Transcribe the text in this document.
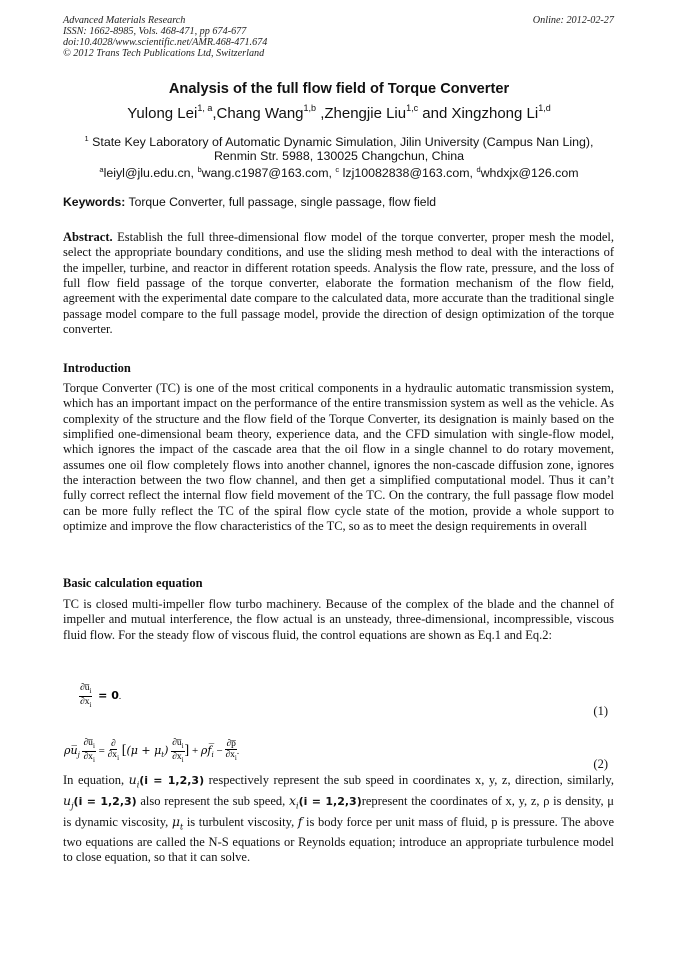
Advanced Materials Research
ISSN: 1662-8985, Vols. 468-471, pp 674-677
doi:10.4028/www.scientific.net/AMR.468-471.674
© 2012 Trans Tech Publications Ltd, Switzerland
Online: 2012-02-27
Analysis of the full flow field of Torque Converter
Yulong Lei$^{1, a}$,Chang Wang$^{1,b}$ ,Zhengjie Liu$^{1,c}$ and Xingzhong Li$^{1,d}$
$^1$ State Key Laboratory of Automatic Dynamic Simulation, Jilin University (Campus Nan Ling),
Renmin Str. 5988, 130025 Changchun, China
$^a$leiyl@jlu.edu.cn, $^b$wang.c1987@163.com, $^c$ lzj10082838@163.com, $^d$whdxjx@126.com
Keywords: Torque Converter, full passage, single passage, flow field
Abstract. Establish the full three-dimensional flow model of the torque converter, proper mesh the model, select the appropriate boundary conditions, and use the sliding mesh method to deal with the interactions of the impeller, turbine, and reactor in different rotation speeds. Analysis the flow rate, pressure, and the loss of full flow field passage of the torque converter, elaborate the formation mechanism of the flow field, agreement with the experimental date compare to the calculated data, more accurate than the traditional single passage model compare to the full passage model, provide the direction of design optimization of the torque converter.
Introduction
Torque Converter (TC) is one of the most critical components in a hydraulic automatic transmission system, which has an important impact on the performance of the entire transmission system as well as the vehicle. As complexity of the structure and the flow field of the Torque Converter, its designation is mainly based on the simplified one-dimensional beam theory, experience data, and the CFD simulation with single-flow model, which ignores the impact of the cascade area that the oil flow in a single channel to do rotary movement, assumes one oil flow completely flows into another channel, ignores the non-cascade diffusion zone, ignores the interaction between the two flow channel, and then get a simplified computational model. Thus it can’t fully correct reflect the internal flow field movement of the TC. On the contrary, the full passage flow model can be more fully reflect the TC of the spiral flow cycle state of the motion, provide a whole support to optimize and improve the flow characteristics of the TC, so as to meet the design requirements in overall
Basic calculation equation
TC is closed multi-impeller flow turbo machinery. Because of the complex of the blade and the channel of impeller and mutual interference, the flow actual is an unsteady, three-dimensional, incompressible, viscous fluid flow. For the steady flow of viscous fluid, the control equations are shown as Eq.1 and Eq.2:
$\frac{\partial u̅_i}{\partial x_i} = 0$.
(1)
$\rho u̅_j \frac{\partial u̅_i}{\partial x_i} = \frac{\partial}{\partial x_i} [(\mu + \mu_t) \frac{\partial u̅_i}{\partial x_i}$ ] + $\rho f̅_i - \frac{\partial p̅}{\partial x_i}$ .
(2)
In equation, $u_i(i = 1,2,3)$ respectively represent the sub speed in coordinates x, y, z, direction, similarly, $u_j(i = 1,2,3)$ also represent the sub speed, $x_i(i$ = 1,2,3)represent the coordinates of x, y, z, ρ is density, μ is dynamic viscosity, $\mu_t$ is turbulent viscosity, f is body force per unit mass of fluid, p is pressure. The above two equations are called the N-S equations or Reynolds equation; introduce an appropriate turbulence model to close equation, so that it can solve.
